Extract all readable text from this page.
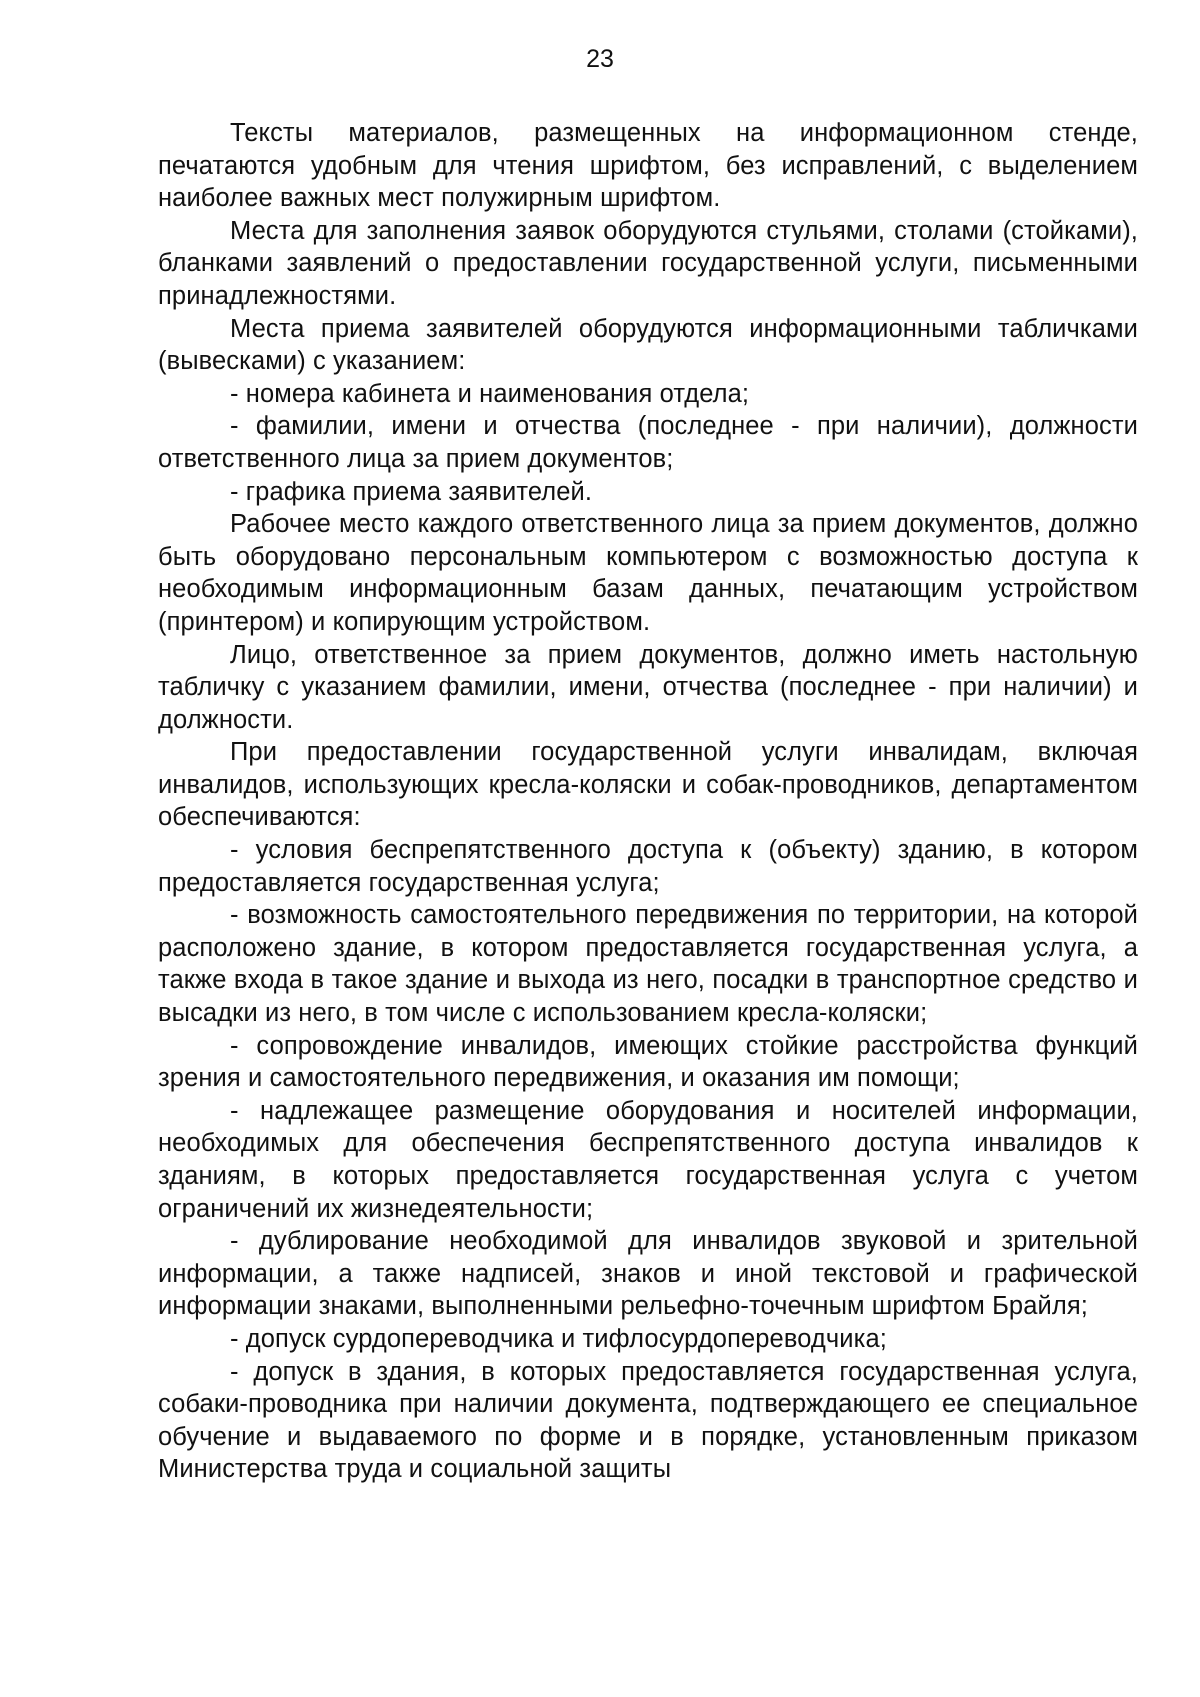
23

Тексты материалов, размещенных на информационном стенде, печатаются удобным для чтения шрифтом, без исправлений, с выделением наиболее важных мест полужирным шрифтом.

Места для заполнения заявок оборудуются стульями, столами (стойками), бланками заявлений о предоставлении государственной услуги, письменными принадлежностями.

Места приема заявителей оборудуются информационными табличками (вывесками) с указанием:

- номера кабинета и наименования отдела;

- фамилии, имени и отчества (последнее - при наличии), должности ответственного лица за прием документов;

- графика приема заявителей.

Рабочее место каждого ответственного лица за прием документов, должно быть оборудовано персональным компьютером с возможностью доступа к необходимым информационным базам данных, печатающим устройством (принтером) и копирующим устройством.

Лицо, ответственное за прием документов, должно иметь настольную табличку с указанием фамилии, имени, отчества (последнее - при наличии) и должности.

При предоставлении государственной услуги инвалидам, включая инвалидов, использующих кресла-коляски и собак-проводников, департаментом обеспечиваются:

- условия беспрепятственного доступа к (объекту) зданию, в котором предоставляется государственная услуга;

- возможность самостоятельного передвижения по территории, на которой расположено здание, в котором предоставляется государственная услуга, а также входа в такое здание и выхода из него, посадки в транспортное средство и высадки из него, в том числе с использованием кресла-коляски;

- сопровождение инвалидов, имеющих стойкие расстройства функций зрения и самостоятельного передвижения, и оказания им помощи;

- надлежащее размещение оборудования и носителей информации, необходимых для обеспечения беспрепятственного доступа инвалидов к зданиям, в которых предоставляется государственная услуга с учетом ограничений их жизнедеятельности;

- дублирование необходимой для инвалидов звуковой и зрительной информации, а также надписей, знаков и иной текстовой и графической информации знаками, выполненными рельефно-точечным шрифтом Брайля;

- допуск сурдопереводчика и тифлосурдопереводчика;

- допуск в здания, в которых предоставляется государственная услуга, собаки-проводника при наличии документа, подтверждающего ее специальное обучение и выдаваемого по форме и в порядке, установленным приказом Министерства труда и социальной защиты
